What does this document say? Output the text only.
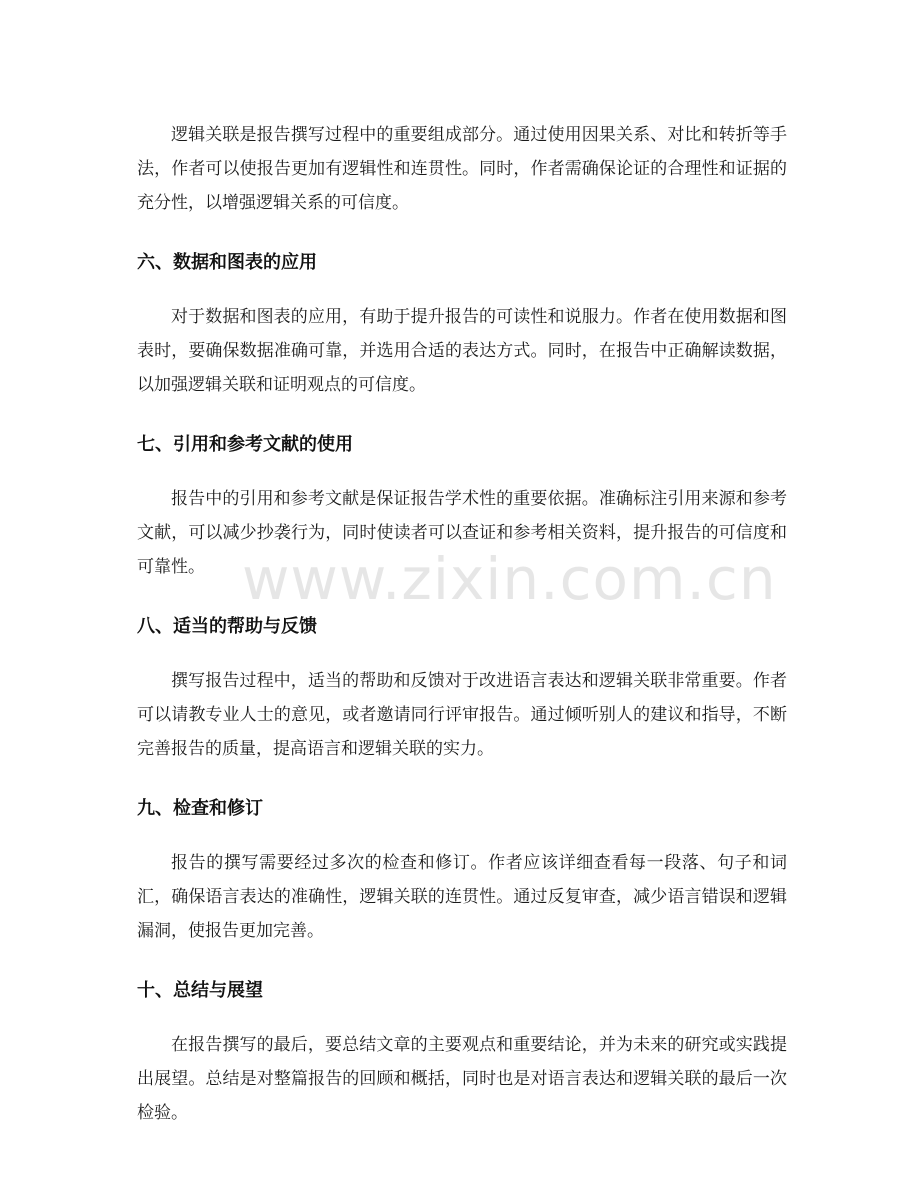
逻辑关联是报告撰写过程中的重要组成部分。通过使用因果关系、对比和转折等手法，作者可以使报告更加有逻辑性和连贯性。同时，作者需确保论证的合理性和证据的充分性，以增强逻辑关系的可信度。

六、数据和图表的应用

对于数据和图表的应用，有助于提升报告的可读性和说服力。作者在使用数据和图表时，要确保数据准确可靠，并选用合适的表达方式。同时，在报告中正确解读数据，以加强逻辑关联和证明观点的可信度。

七、引用和参考文献的使用

报告中的引用和参考文献是保证报告学术性的重要依据。准确标注引用来源和参考文献，可以减少抄袭行为，同时使读者可以查证和参考相关资料，提升报告的可信度和可靠性。

八、适当的帮助与反馈

撰写报告过程中，适当的帮助和反馈对于改进语言表达和逻辑关联非常重要。作者可以请教专业人士的意见，或者邀请同行评审报告。通过倾听别人的建议和指导，不断完善报告的质量，提高语言和逻辑关联的实力。

九、检查和修订

报告的撰写需要经过多次的检查和修订。作者应该详细查看每一段落、句子和词汇，确保语言表达的准确性，逻辑关联的连贯性。通过反复审查，减少语言错误和逻辑漏洞，使报告更加完善。

十、总结与展望

在报告撰写的最后，要总结文章的主要观点和重要结论，并为未来的研究或实践提出展望。总结是对整篇报告的回顾和概括，同时也是对语言表达和逻辑关联的最后一次检验。

www.zixin.com.cn
